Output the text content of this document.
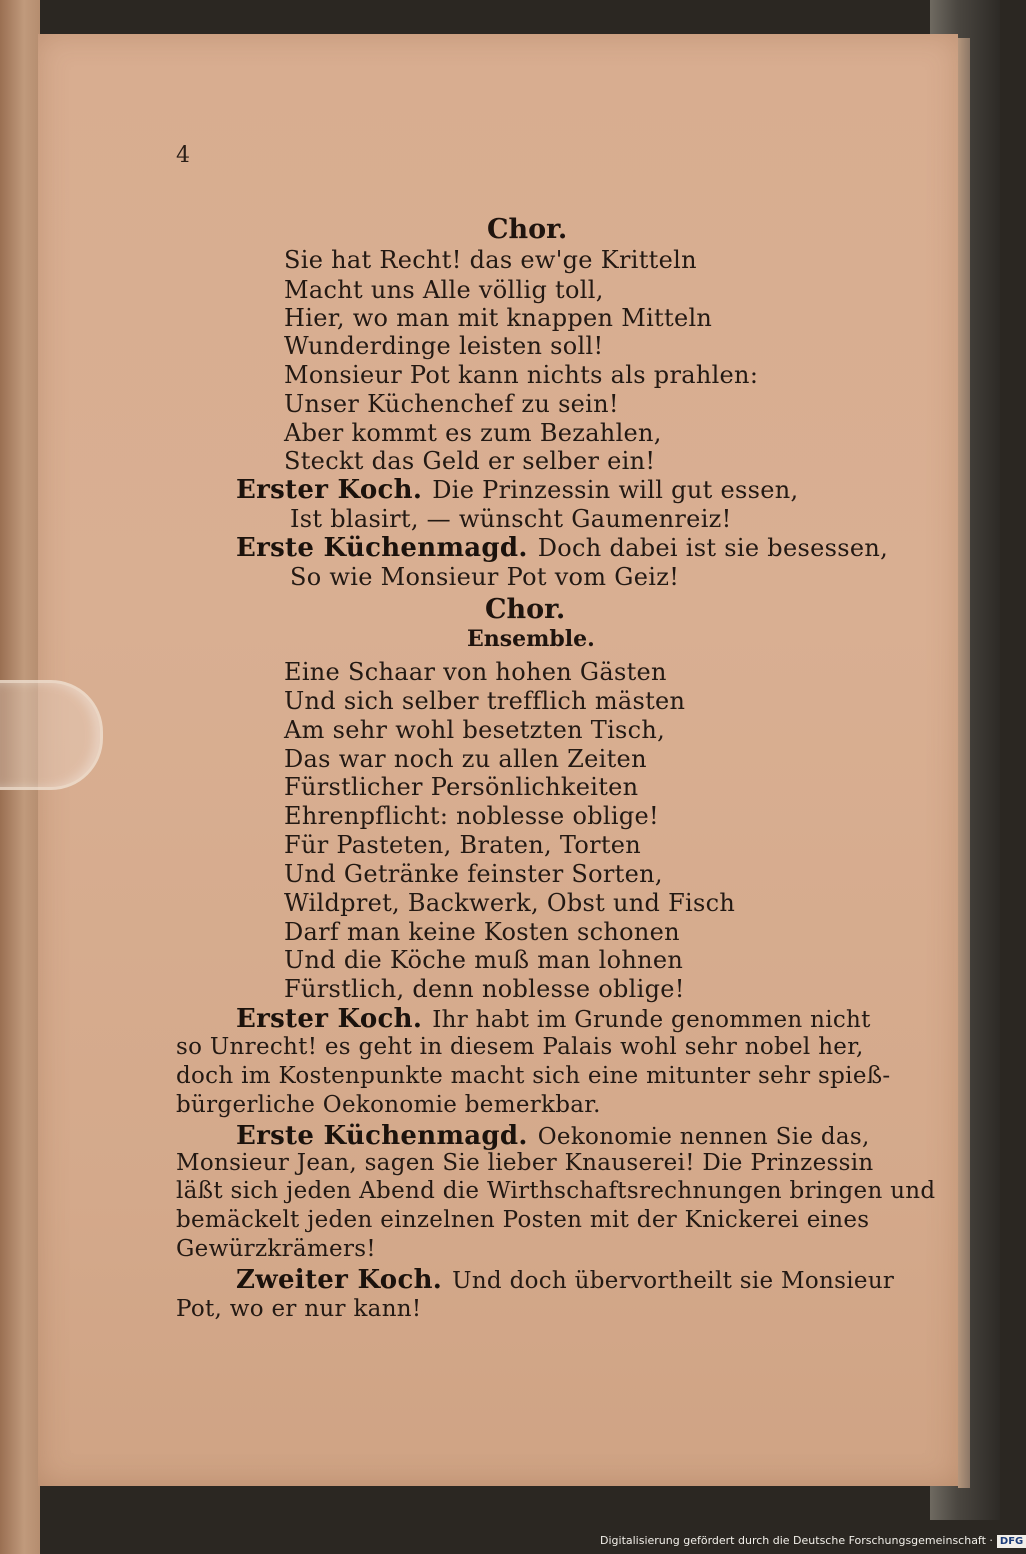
4
Chor.
Sie hat Recht! das ew'ge Kritteln
Macht uns Alle völlig toll,
Hier, wo man mit knappen Mitteln
Wunderdinge leisten soll!
Monsieur Pot kann nichts als prahlen:
Unser Küchenchef zu sein!
Aber kommt es zum Bezahlen,
Steckt das Geld er selber ein!
Erster Koch. Die Prinzessin will gut essen,
Ist blasirt, — wünscht Gaumenreiz!
Erste Küchenmagd. Doch dabei ist sie besessen,
So wie Monsieur Pot vom Geiz!
Chor.
Ensemble.
Eine Schaar von hohen Gästen
Und sich selber trefflich mästen
Am sehr wohl besetzten Tisch,
Das war noch zu allen Zeiten
Fürstlicher Persönlichkeiten
Ehrenpflicht: noblesse oblige!
Für Pasteten, Braten, Torten
Und Getränke feinster Sorten,
Wildpret, Backwerk, Obst und Fisch
Darf man keine Kosten schonen
Und die Köche muß man lohnen
Fürstlich, denn noblesse oblige!
Erster Koch. Ihr habt im Grunde genommen nicht
so Unrecht! es geht in diesem Palais wohl sehr nobel her,
doch im Kostenpunkte macht sich eine mitunter sehr spieß-
bürgerliche Oekonomie bemerkbar.
Erste Küchenmagd. Oekonomie nennen Sie das,
Monsieur Jean, sagen Sie lieber Knauserei! Die Prinzessin
läßt sich jeden Abend die Wirthschaftsrechnungen bringen und
bemäckelt jeden einzelnen Posten mit der Knickerei eines
Gewürzkrämers!
Zweiter Koch. Und doch übervortheilt sie Monsieur
Pot, wo er nur kann!
Digitalisierung gefördert durch die Deutsche Forschungsgemeinschaft · DFG
